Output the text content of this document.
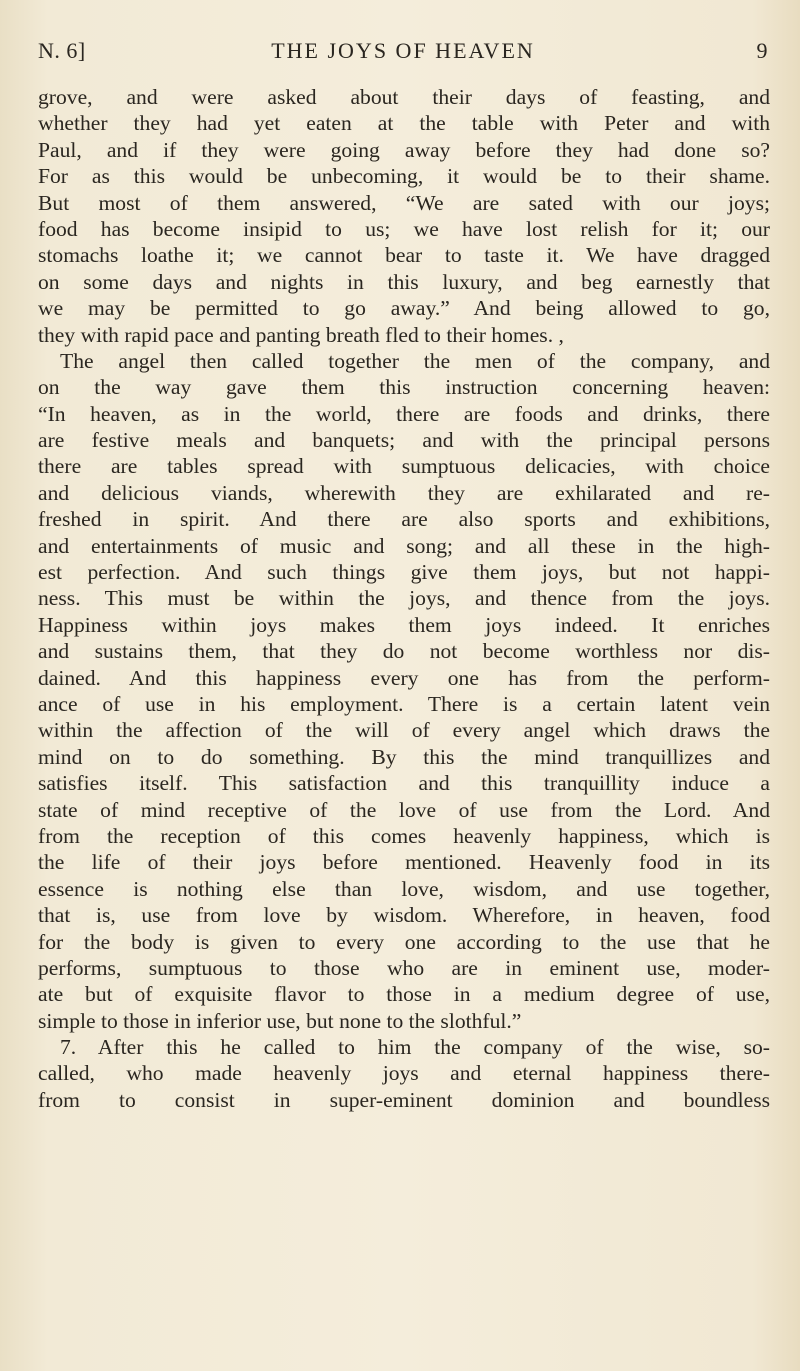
N. 6]	THE JOYS OF HEAVEN	9
grove, and were asked about their days of feasting, and
whether they had yet eaten at the table with Peter and with
Paul, and if they were going away before they had done so?
For as this would be unbecoming, it would be to their shame.
But most of them answered, “We are sated with our joys;
food has become insipid to us; we have lost relish for it; our
stomachs loathe it; we cannot bear to taste it. We have dragged
on some days and nights in this luxury, and beg earnestly that
we may be permitted to go away.” And being allowed to go,
they with rapid pace and panting breath fled to their homes. ,
The angel then called together the men of the company, and
on the way gave them this instruction concerning heaven:
“In heaven, as in the world, there are foods and drinks, there
are festive meals and banquets; and with the principal persons
there are tables spread with sumptuous delicacies, with choice
and delicious viands, wherewith they are exhilarated and re-
freshed in spirit. And there are also sports and exhibitions,
and entertainments of music and song; and all these in the high-
est perfection. And such things give them joys, but not happi-
ness. This must be within the joys, and thence from the joys.
Happiness within joys makes them joys indeed. It enriches
and sustains them, that they do not become worthless nor dis-
dained. And this happiness every one has from the perform-
ance of use in his employment. There is a certain latent vein
within the affection of the will of every angel which draws the
mind on to do something. By this the mind tranquillizes and
satisfies itself. This satisfaction and this tranquillity induce a
state of mind receptive of the love of use from the Lord. And
from the reception of this comes heavenly happiness, which is
the life of their joys before mentioned. Heavenly food in its
essence is nothing else than love, wisdom, and use together,
that is, use from love by wisdom. Wherefore, in heaven, food
for the body is given to every one according to the use that he
performs, sumptuous to those who are in eminent use, moder-
ate but of exquisite flavor to those in a medium degree of use,
simple to those in inferior use, but none to the slothful.”
7. After this he called to him the company of the wise, so-
called, who made heavenly joys and eternal happiness there-
from to consist in super-eminent dominion and boundless
